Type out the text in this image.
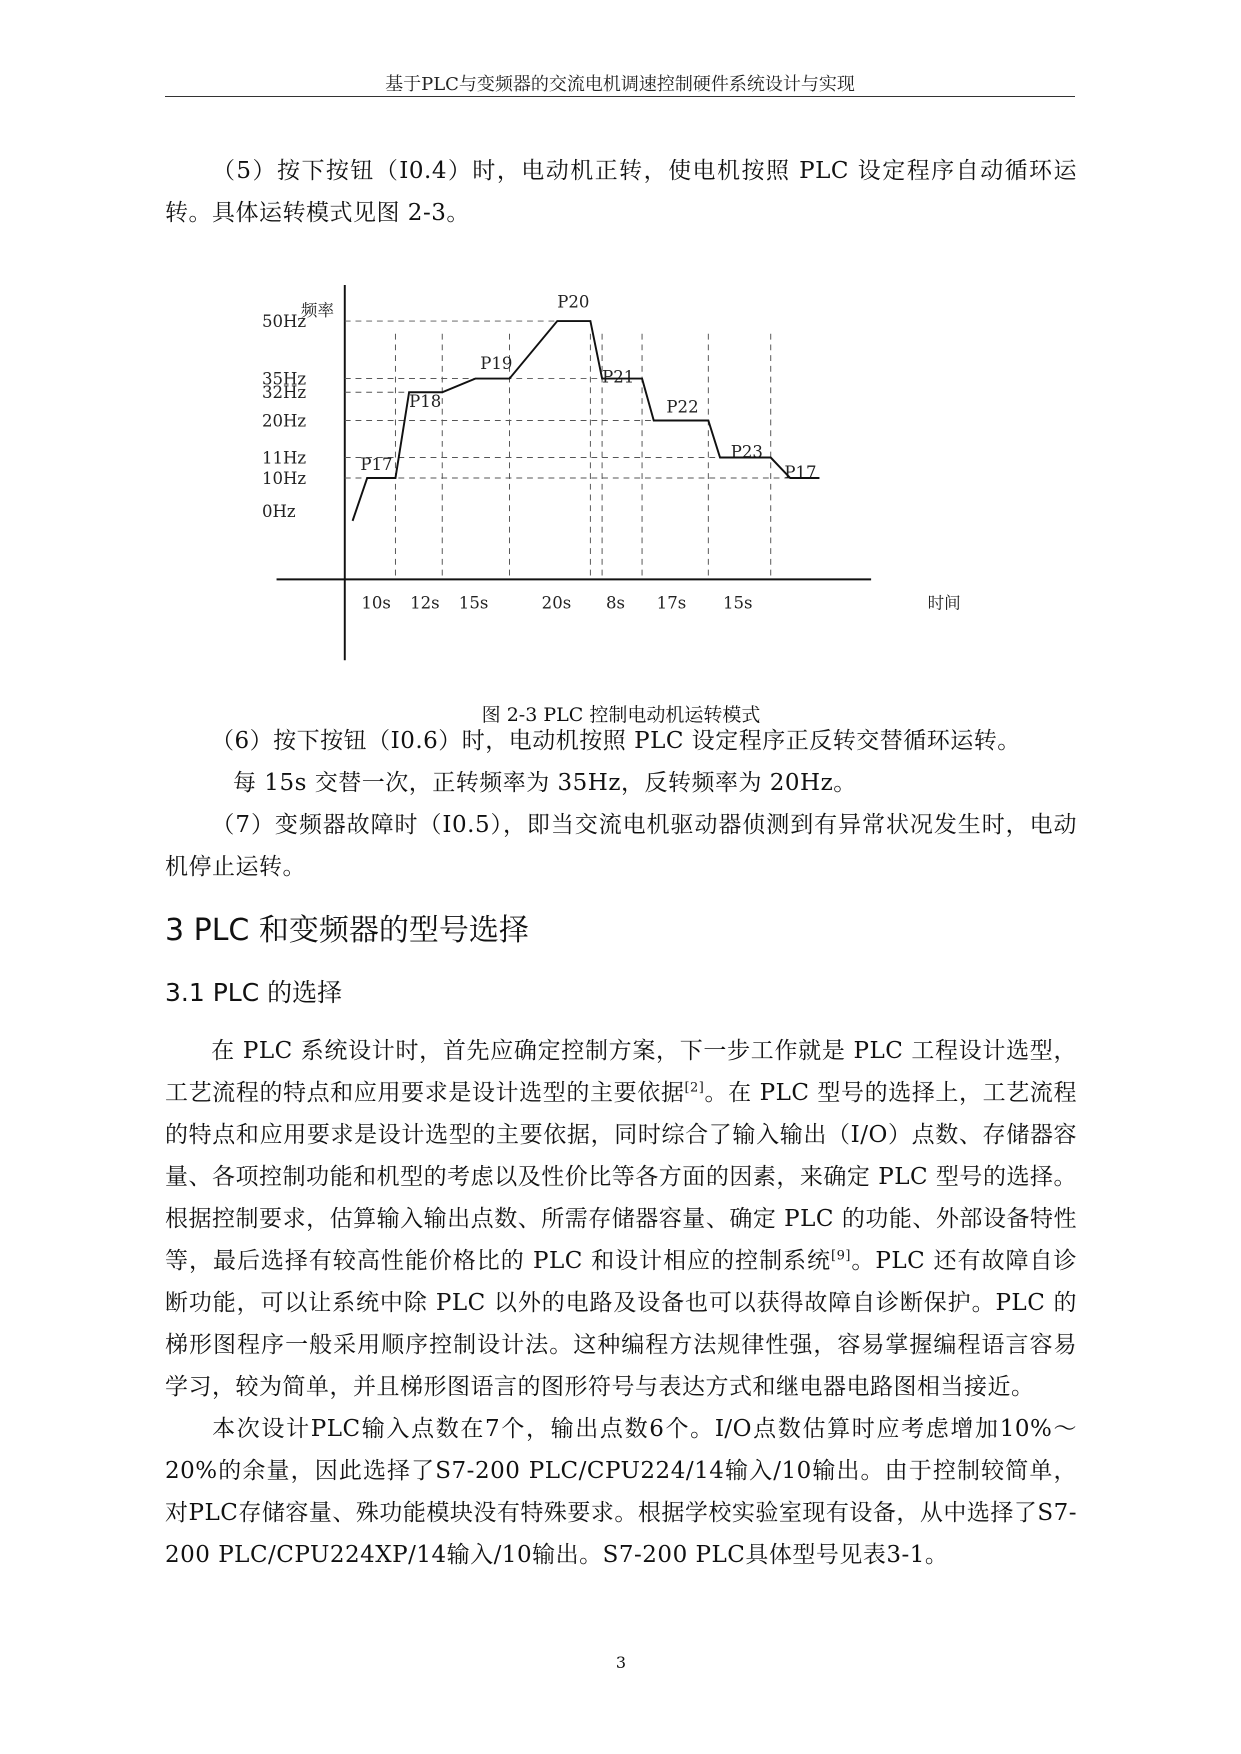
基于PLC与变频器的交流电机调速控制硬件系统设计与实现

（5）按下按钮（I0.4）时，电动机正转，使电机按照 PLC 设定程序自动循环运转。具体运转模式见图 2-3。

频率
时间
50Hz
35Hz
32Hz
20Hz
11Hz
10Hz
0Hz
10s 12s 15s	20s 8s 17s 15s
P17
P18
P19
P20
P21
P22
P23
P17
图 2-3 PLC 控制电动机运转模式

（6）按下按钮（I0.6）时，电动机按照 PLC 设定程序正反转交替循环运转。

每 15s 交替一次，正转频率为 35Hz，反转频率为 20Hz。

（7）变频器故障时（I0.5），即当交流电机驱动器侦测到有异常状况发生时，电动机停止运转。

3 PLC 和变频器的型号选择
3.1 PLC 的选择

在 PLC 系统设计时，首先应确定控制方案，下一步工作就是 PLC 工程设计选型，工艺流程的特点和应用要求是设计选型的主要依据[2]。在 PLC 型号的选择上，工艺流程的特点和应用要求是设计选型的主要依据，同时综合了输入输出（I/O）点数、存储器容量、各项控制功能和机型的考虑以及性价比等各方面的因素，来确定 PLC 型号的选择。根据控制要求，估算输入输出点数、所需存储器容量、确定 PLC 的功能、外部设备特性等，最后选择有较高性能价格比的 PLC 和设计相应的控制系统[9]。PLC 还有故障自诊断功能，可以让系统中除 PLC 以外的电路及设备也可以获得故障自诊断保护。PLC 的梯形图程序一般采用顺序控制设计法。这种编程方法规律性强，容易掌握编程语言容易学习，较为简单，并且梯形图语言的图形符号与表达方式和继电器电路图相当接近。

本次设计PLC输入点数在7个，输出点数6个。I/O点数估算时应考虑增加10%～20%的余量，因此选择了S7-200 PLC/CPU224/14输入/10输出。由于控制较简单，对PLC存储容量、殊功能模块没有特殊要求。根据学校实验室现有设备，从中选择了S7-200 PLC/CPU224XP/14输入/10输出。S7-200 PLC具体型号见表3-1。

3
